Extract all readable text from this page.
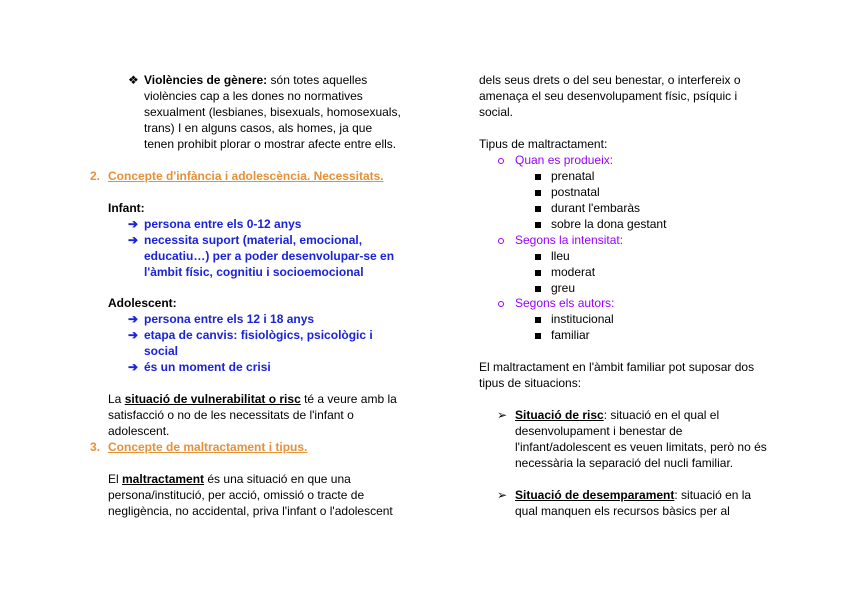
❖ Violències de gènere: són totes aquelles
violències cap a les dones no normatives
sexualment (lesbianes, bisexuals, homosexuals,
trans) I en alguns casos, als homes, ja que
tenen prohibit plorar o mostrar afecte entre ells.
2. Concepte d'infància i adolescència. Necessitats.
Infant:
➔ persona entre els 0-12 anys
➔ necessita suport (material, emocional,
educatiu…) per a poder desenvolupar-se en
l'àmbit físic, cognitiu i socioemocional
Adolescent:
➔ persona entre els 12 i 18 anys
➔ etapa de canvis: fisiològics, psicològic i
social
➔ és un moment de crisi
La situació de vulnerabilitat o risc té a veure amb la
satisfacció o no de les necessitats de l'infant o
adolescent.
3. Concepte de maltractament i tipus.
El maltractament és una situació en que una
persona/institució, per acció, omissió o tracte de
negligència, no accidental, priva l'infant o l'adolescent
dels seus drets o del seu benestar, o interfereix o
amenaça el seu desenvolupament físic, psíquic i
social.
Tipus de maltractament:
Quan es produeix:
prenatal
postnatal
durant l'embaràs
sobre la dona gestant
Segons la intensitat:
lleu
moderat
greu
Segons els autors:
institucional
familiar
El maltractament en l'àmbit familiar pot suposar dos
tipus de situacions:
➢ Situació de risc: situació en el qual el
desenvolupament i benestar de
l'infant/adolescent es veuen limitats, però no és
necessària la separació del nucli familiar.
➢ Situació de desemparament: situació en la
qual manquen els recursos bàsics per al
